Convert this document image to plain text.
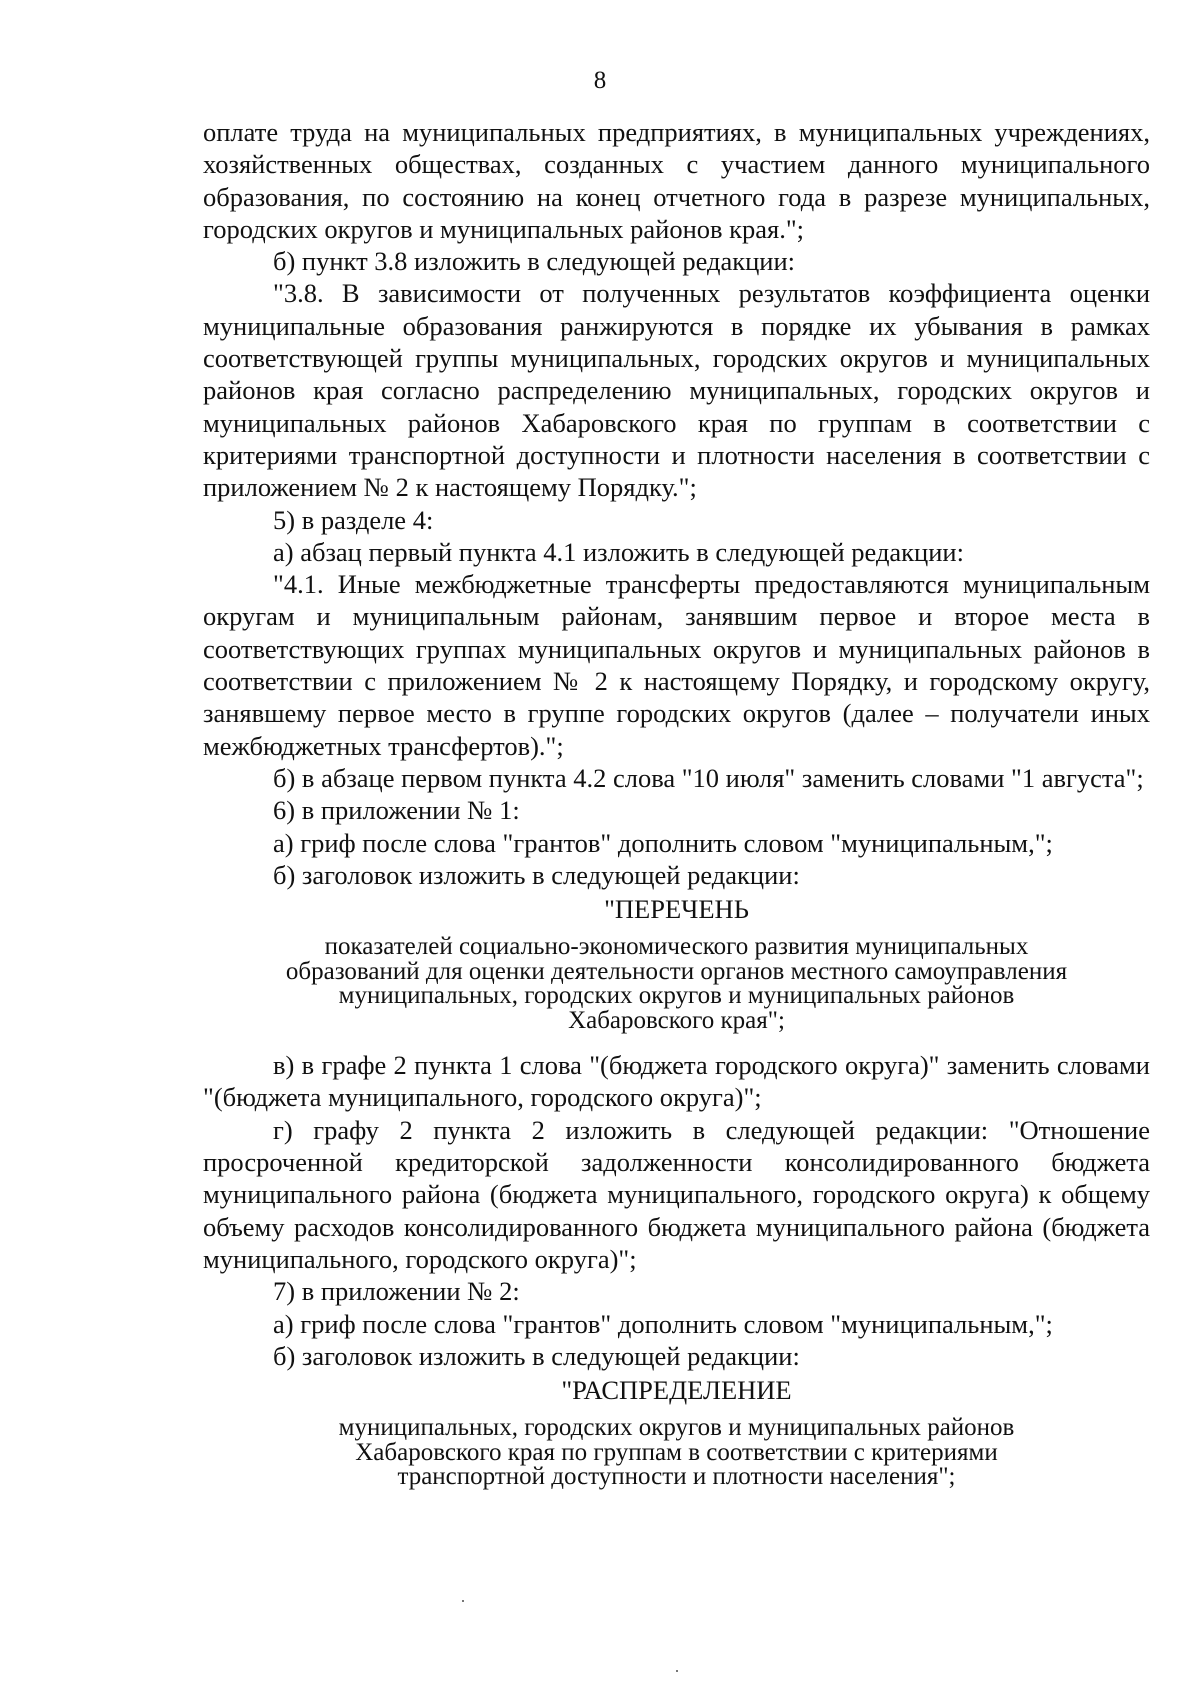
8

оплате труда на муниципальных предприятиях, в муниципальных учреждениях, хозяйственных обществах, созданных с участием данного муниципального образования, по состоянию на конец отчетного года в разрезе муниципальных, городских округов и муниципальных районов края.";

б) пункт 3.8 изложить в следующей редакции:

"3.8. В зависимости от полученных результатов коэффициента оценки муниципальные образования ранжируются в порядке их убывания в рамках соответствующей группы муниципальных, городских округов и муниципальных районов края согласно распределению муниципальных, городских округов и муниципальных районов Хабаровского края по группам в соответствии с критериями транспортной доступности и плотности населения в соответствии с приложением № 2 к настоящему Порядку.";

5) в разделе 4:

а) абзац первый пункта 4.1 изложить в следующей редакции:

"4.1. Иные межбюджетные трансферты предоставляются муниципальным округам и муниципальным районам, занявшим первое и второе места в соответствующих группах муниципальных округов и муниципальных районов в соответствии с приложением № 2 к настоящему Порядку, и городскому округу, занявшему первое место в группе городских округов (далее – получатели иных межбюджетных трансфертов).";

б) в абзаце первом пункта 4.2 слова "10 июля" заменить словами "1 августа";

6) в приложении № 1:

а) гриф после слова "грантов" дополнить словом "муниципальным,";

б) заголовок изложить в следующей редакции:

"ПЕРЕЧЕНЬ
показателей социально-экономического развития муниципальных
образований для оценки деятельности органов местного самоуправления
муниципальных, городских округов и муниципальных районов
Хабаровского края";

в) в графе 2 пункта 1 слова "(бюджета городского округа)" заменить словами "(бюджета муниципального, городского округа)";

г) графу 2 пункта 2 изложить в следующей редакции: "Отношение просроченной кредиторской задолженности консолидированного бюджета муниципального района (бюджета муниципального, городского округа) к общему объему расходов консолидированного бюджета муниципального района (бюджета муниципального, городского округа)";

7) в приложении № 2:

а) гриф после слова "грантов" дополнить словом "муниципальным,";

б) заголовок изложить в следующей редакции:

"РАСПРЕДЕЛЕНИЕ
муниципальных, городских округов и муниципальных районов
Хабаровского края по группам в соответствии с критериями
транспортной доступности и плотности населения";
